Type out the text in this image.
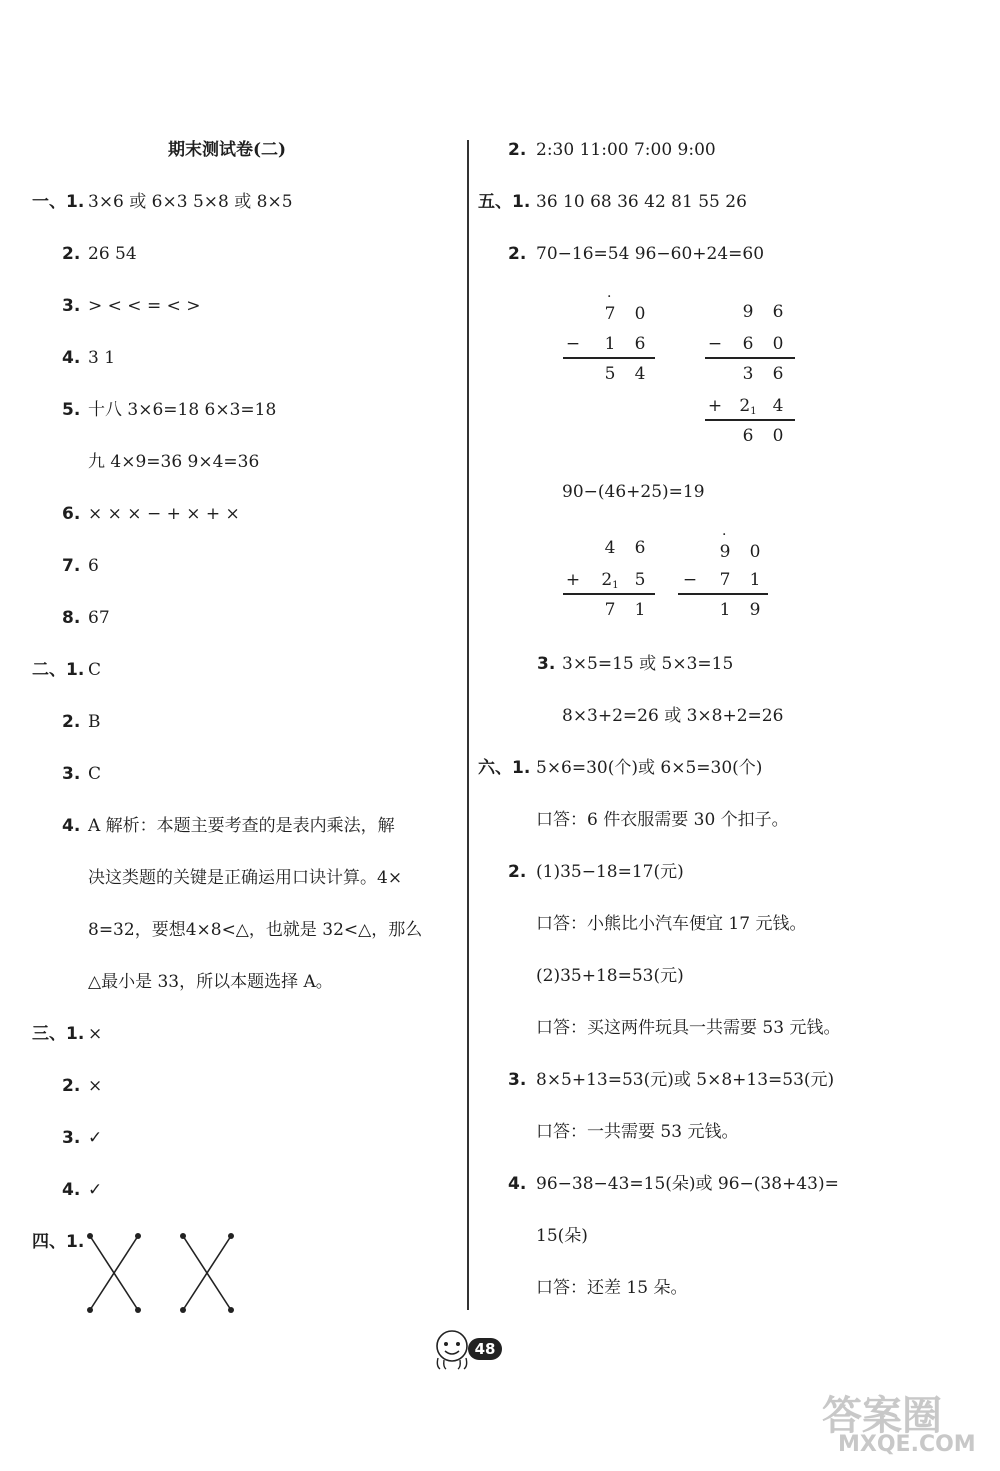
期末测试卷(二)
一、1. 3×6 或 6×3 5×8 或 8×5
2. 26 54
3. > < < = < >
4. 3 1
5. 十八 3×6=18 6×3=18
九 4×9=36 9×4=36
6. × × × − + × + ×
7. 6
8. 67
二、1. C
2. B
3. C
4. A 解析：本题主要考查的是表内乘法，解
决这类题的关键是正确运用口诀计算。4×
8=32，要想4×8<△，也就是 32<△，那么
△最小是 33，所以本题选择 A。
三、1. ×
2. ×
3. ✓
4. ✓
四、1.
2. 2:30 11:00 7:00 9:00
五、1. 36 10 68 36 42 81 55 26
2. 70−16=54 96−60+24=60
·
7 0
− 1 6
5 4
9 6
− 6 0
3 6
+ $2_1$ 4
6 0
90−(46+25)=19
4 6
+ $2_1$ 5
7 1
·
9 0
− 7 1
1 9
3. 3×5=15 或 5×3=15
8×3+2=26 或 3×8+2=26
六、1. 5×6=30(个)或 6×5=30(个)
口答：6 件衣服需要 30 个扣子。
2. (1)35−18=17(元)
口答：小熊比小汽车便宜 17 元钱。
(2)35+18=53(元)
口答：买这两件玩具一共需要 53 元钱。
3. 8×5+13=53(元)或 5×8+13=53(元)
口答：一共需要 53 元钱。
4. 96−38−43=15(朵)或 96−(38+43)=
15(朵)
口答：还差 15 朵。
48
答案圈
MXQE.COM
